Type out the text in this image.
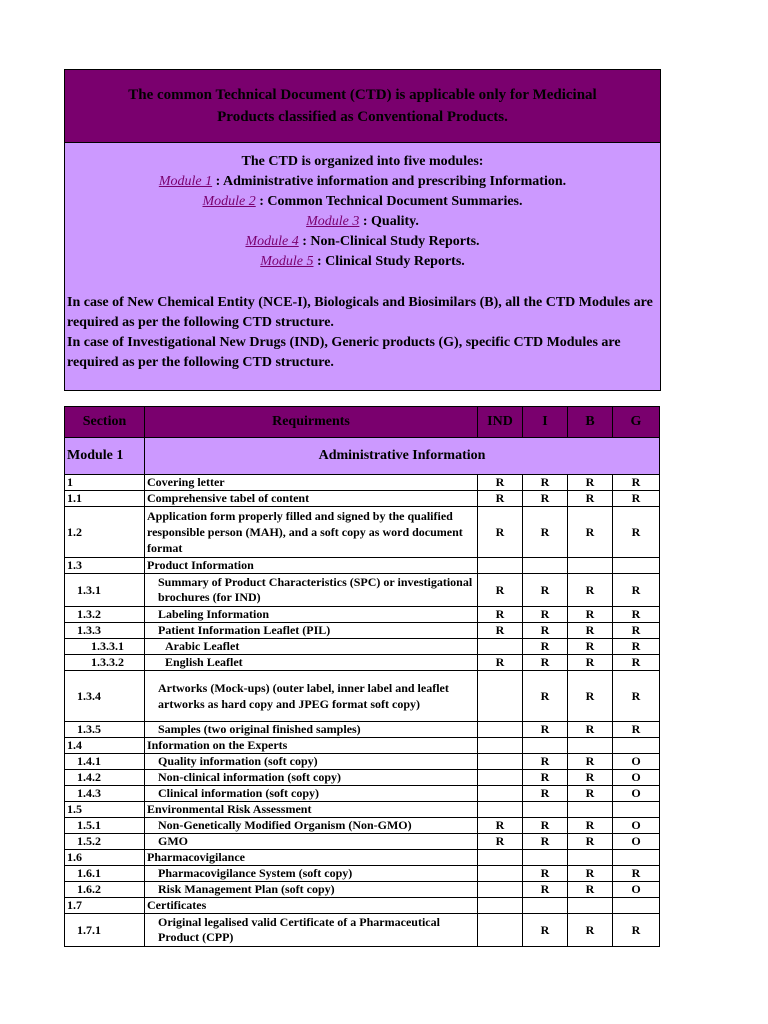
The common Technical Document (CTD) is applicable only for Medicinal Products classified as Conventional Products.
The CTD is organized into five modules:
Module 1 : Administrative information and prescribing Information.
Module 2 : Common Technical Document Summaries.
Module 3 : Quality.
Module 4 : Non-Clinical Study Reports.
Module 5 : Clinical Study Reports.

In case of New Chemical Entity (NCE-I), Biologicals and Biosimilars (B), all the CTD Modules are required as per the following CTD structure.

In case of Investigational New Drugs (IND), Generic products (G), specific CTD Modules are required as per the following CTD structure.

Section	Requirments	IND	I	B	G
Module 1	Administrative Information				
1	Covering letter	R	R	R	R
1.1	Comprehensive tabel of content	R	R	R	R
1.2	Application form properly filled and signed by the qualified responsible person (MAH), and a soft copy as word document format	R	R	R	R
1.3	Product Information				
1.3.1	Summary of Product Characteristics (SPC) or investigational brochures (for IND)	R	R	R	R
1.3.2	Labeling Information	R	R	R	R
1.3.3	Patient Information Leaflet (PIL)	R	R	R	R
1.3.3.1	Arabic Leaflet		R	R	R
1.3.3.2	English Leaflet	R	R	R	R
1.3.4	Artworks (Mock-ups) (outer label, inner label and leaflet artworks as hard copy and JPEG format soft copy)		R	R	R
1.3.5	Samples (two original finished samples)		R	R	R
1.4	Information on the Experts				
1.4.1	Quality information (soft copy)		R	R	O
1.4.2	Non-clinical information (soft copy)		R	R	O
1.4.3	Clinical information (soft copy)		R	R	O
1.5	Environmental Risk Assessment				
1.5.1	Non-Genetically Modified Organism (Non-GMO)	R	R	R	O
1.5.2	GMO	R	R	R	O
1.6	Pharmacovigilance				
1.6.1	Pharmacovigilance System (soft copy)		R	R	R
1.6.2	Risk Management Plan (soft copy)		R	R	O
1.7	Certificates				
1.7.1	Original legalised valid Certificate of a Pharmaceutical Product (CPP)		R	R	R
